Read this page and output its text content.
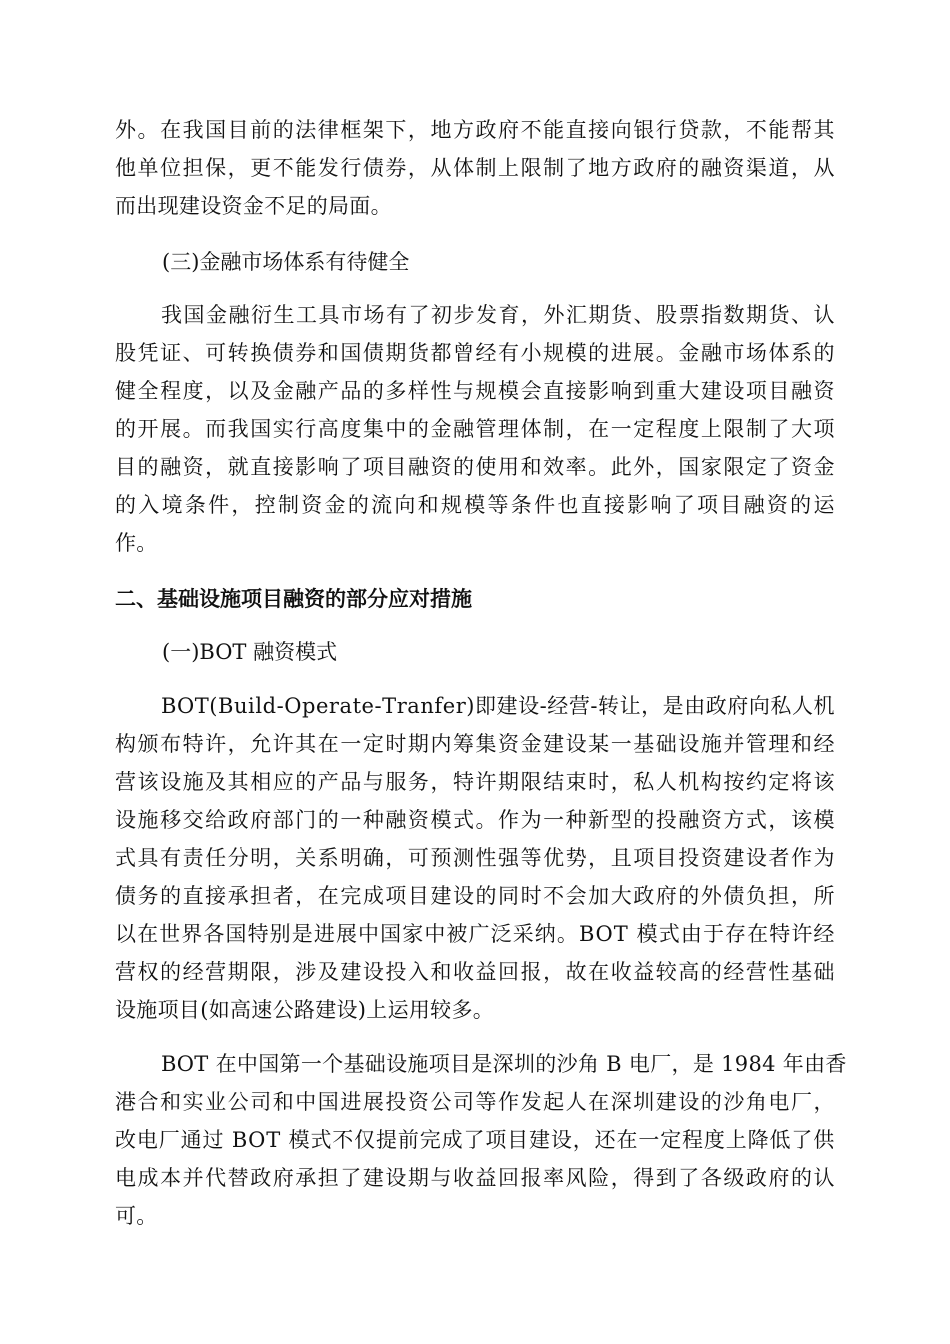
外 。 在 我 国 目 前 的 法 律 框 架 下 ， 地 方 政 府 不 能 直 接 向 银 行 贷 款 ， 不 能 帮 其
他 单 位 担 保 ， 更 不 能 发 行 债 券 ， 从 体 制 上 限 制 了 地 方 政 府 的 融 资 渠 道 ， 从
而出现建设资金不足的局面。

(三)金融市场体系有待健全

我 国 金 融 衍 生 工 具 市 场 有 了 初 步 发 育 ， 外 汇 期 货 、 股 票 指 数 期 货 、 认
股 凭 证 、 可 转 换 债 券 和 国 债 期 货 都 曾 经 有 小 规 模 的 进 展 。 金 融 市 场 体 系 的
健 全 程 度 ， 以 及 金 融 产 品 的 多 样 性 与 规 模 会 直 接 影 响 到 重 大 建 设 项 目 融 资
的 开 展 。 而 我 国 实 行 高 度 集 中 的 金 融 管 理 体 制 ， 在 一 定 程 度 上 限 制 了 大 项
目 的 融 资 ， 就 直 接 影 响 了 项 目 融 资 的 使 用 和 效 率 。 此 外 ， 国 家 限 定 了 资 金
的 入 境 条 件 ， 控 制 资 金 的 流 向 和 规 模 等 条 件 也 直 接 影 响 了 项 目 融 资 的 运
作。

二、基础设施项目融资的部分应对措施

(一)BOT 融资模式

B O T ( B u i l d - O p e r a t e - T r a n f e r ) 即 建 设 - 经 营 - 转 让 ， 是 由 政 府 向 私 人 机
构 颁 布 特 许 ， 允 许 其 在 一 定 时 期 内 筹 集 资 金 建 设 某 一 基 础 设 施 并 管 理 和 经
营 该 设 施 及 其 相 应 的 产 品 与 服 务 ， 特 许 期 限 结 束 时 ， 私 人 机 构 按 约 定 将 该
设 施 移 交 给 政 府 部 门 的 一 种 融 资 模 式 。 作 为 一 种 新 型 的 投 融 资 方 式 ， 该 模
式 具 有 责 任 分 明 ， 关 系 明 确 ， 可 预 测 性 强 等 优 势 ， 且 项 目 投 资 建 设 者 作 为
债 务 的 直 接 承 担 者 ， 在 完 成 项 目 建 设 的 同 时 不 会 加 大 政 府 的 外 债 负 担 ， 所
以 在 世 界 各 国 特 别 是 进 展 中 国 家 中 被 广 泛 采 纳 。 B O T
模 式 由 于 存 在 特 许 经
营 权 的 经 营 期 限 ， 涉 及 建 设 投 入 和 收 益 回 报 ， 故 在 收 益 较 高 的 经 营 性 基 础
设施项目(如高速公路建设)上运用较多。
B O T
在 中 国 第 一 个 基 础 设 施 项 目 是 深 圳 的 沙 角
B
电 厂 ， 是
1 9 8 4
年 由 香
港 合 和 实 业 公 司 和 中 国 进 展 投 资 公 司 等 作 发 起 人 在 深 圳 建 设 的 沙 角 电 厂 ，
改 电 厂 通 过
B O T
模 式 不 仅 提 前 完 成 了 项 目 建 设 ， 还 在 一 定 程 度 上 降 低 了 供
电 成 本 并 代 替 政 府 承 担 了 建 设 期 与 收 益 回 报 率 风 险 ， 得 到 了 各 级 政 府 的 认
可。
